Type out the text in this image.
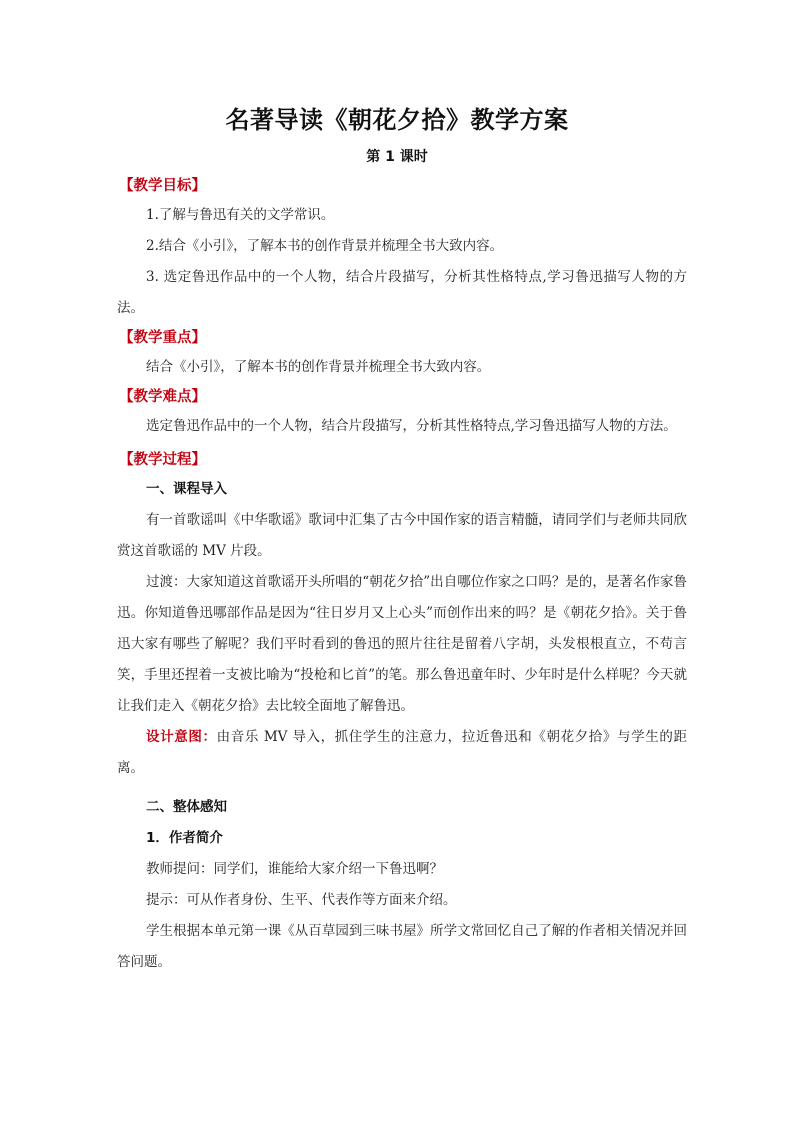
名著导读《朝花夕拾》教学方案
第 1 课时
【教学目标】

1.了解与鲁迅有关的文学常识。

2.结合《小引》，了解本书的创作背景并梳理全书大致内容。

3. 选定鲁迅作品中的一个人物，结合片段描写，分析其性格特点,学习鲁迅描写人物的方法。

【教学重点】

结合《小引》，了解本书的创作背景并梳理全书大致内容。

【教学难点】

选定鲁迅作品中的一个人物，结合片段描写，分析其性格特点,学习鲁迅描写人物的方法。

【教学过程】
一、课程导入

有一首歌谣叫《中华歌谣》歌词中汇集了古今中国作家的语言精髓，请同学们与老师共同欣赏这首歌谣的 MV 片段。

过渡：大家知道这首歌谣开头所唱的“朝花夕拾”出自哪位作家之口吗？是的，是著名作家鲁迅。你知道鲁迅哪部作品是因为“往日岁月又上心头”而创作出来的吗？是《朝花夕拾》。关于鲁迅大家有哪些了解呢？我们平时看到的鲁迅的照片往往是留着八字胡，头发根根直立，不苟言笑，手里还捏着一支被比喻为“投枪和匕首”的笔。那么鲁迅童年时、少年时是什么样呢？今天就让我们走入《朝花夕拾》去比较全面地了解鲁迅。

设计意图：由音乐 MV 导入，抓住学生的注意力，拉近鲁迅和《朝花夕拾》与学生的距离。

二、整体感知
1．作者简介

教师提问：同学们，谁能给大家介绍一下鲁迅啊？

提示：可从作者身份、生平、代表作等方面来介绍。

学生根据本单元第一课《从百草园到三味书屋》所学文常回忆自己了解的作者相关情况并回答问题。
